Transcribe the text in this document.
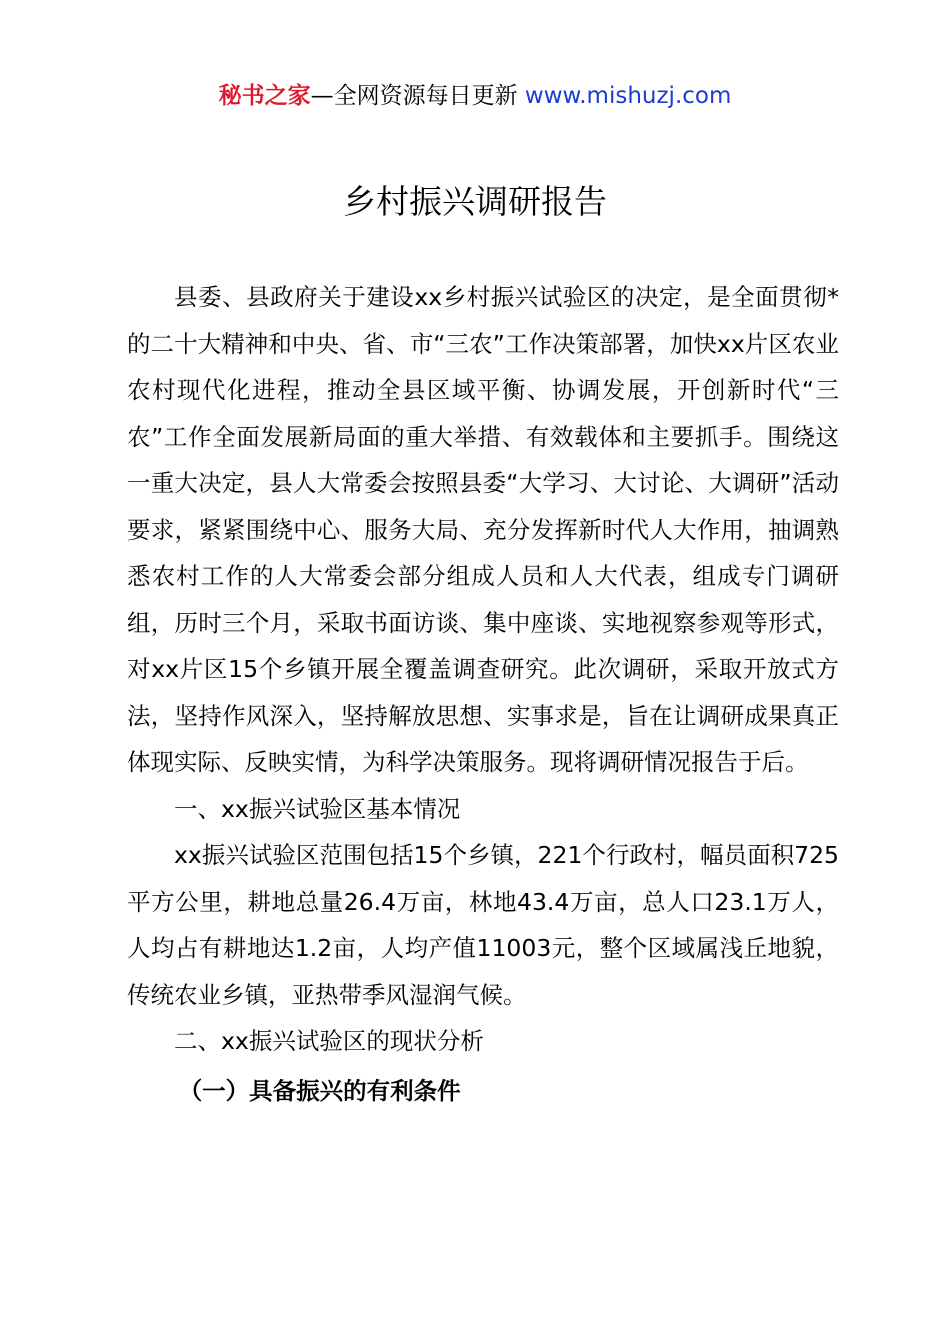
秘书之家—全网资源每日更新 www.mishuzj.com
乡村振兴调研报告

县委、县政府关于建设xx乡村振兴试验区的决定，是全面贯彻*的二十大精神和中央、省、市“三农”工作决策部署，加快xx片区农业农村现代化进程，推动全县区域平衡、协调发展，开创新时代“三农”工作全面发展新局面的重大举措、有效载体和主要抓手。围绕这一重大决定，县人大常委会按照县委“大学习、大讨论、大调研”活动要求，紧紧围绕中心、服务大局、充分发挥新时代人大作用，抽调熟悉农村工作的人大常委会部分组成人员和人大代表，组成专门调研组，历时三个月，采取书面访谈、集中座谈、实地视察参观等形式，对xx片区15个乡镇开展全覆盖调查研究。此次调研，采取开放式方法，坚持作风深入，坚持解放思想、实事求是，旨在让调研成果真正体现实际、反映实情，为科学决策服务。现将调研情况报告于后。

一、xx振兴试验区基本情况

xx振兴试验区范围包括15个乡镇，221个行政村，幅员面积725平方公里，耕地总量26.4万亩，林地43.4万亩，总人口23.1万人，人均占有耕地达1.2亩，人均产值11003元，整个区域属浅丘地貌，传统农业乡镇，亚热带季风湿润气候。

二、xx振兴试验区的现状分析

（一）具备振兴的有利条件
